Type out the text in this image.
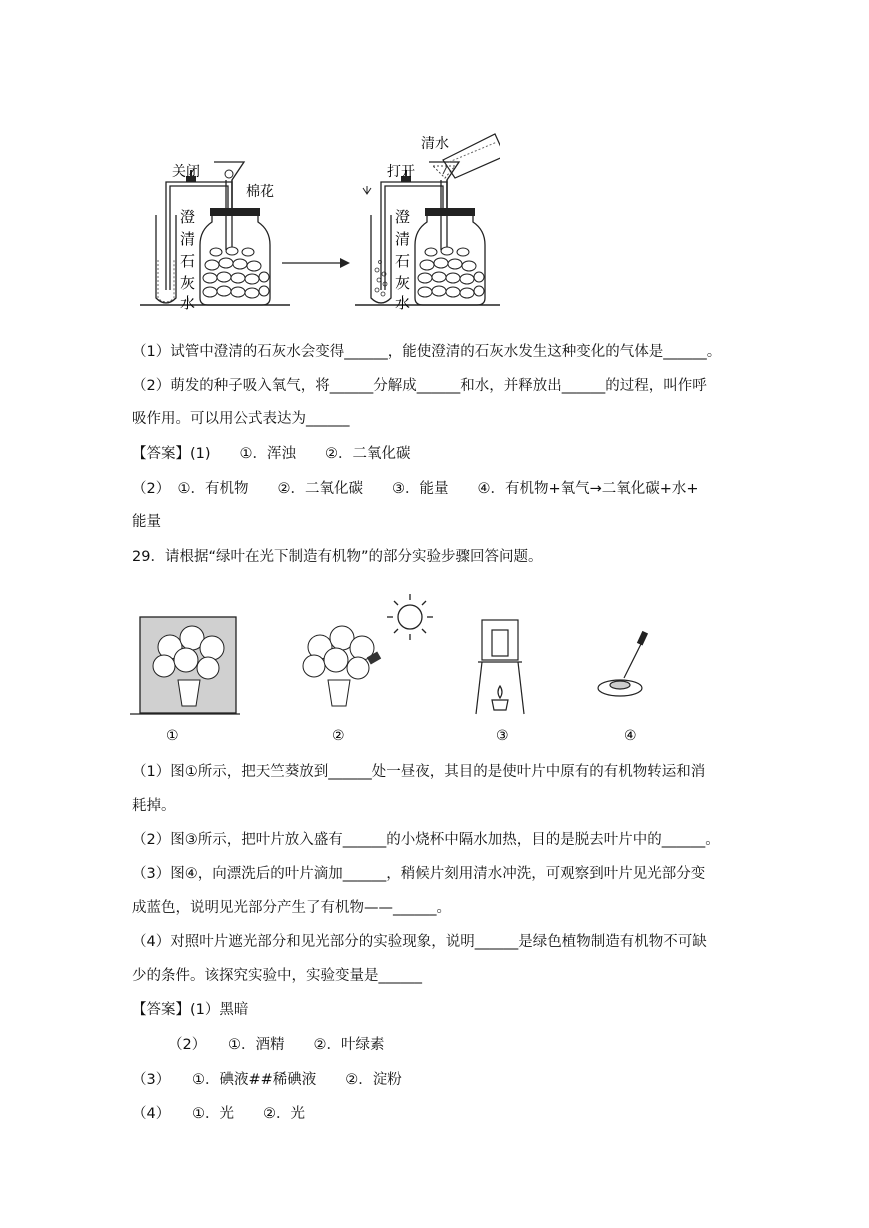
关闭
棉花
澄
清
石
灰
水
清水
打开
澄
清
石
灰
水
（1）试管中澄清的石灰水会变得______，能使澄清的石灰水发生这种变化的气体是______。
（2）萌发的种子吸入氧气，将______分解成______和水，并释放出______的过程，叫作呼
吸作用。可以用公式表达为______
【答案】(1)　　①．浑浊　　②．二氧化碳
（2）　①．有机物　　②．二氧化碳　　③．能量　　④．有机物+氧气→二氧化碳+水+
能量
29．请根据“绿叶在光下制造有机物”的部分实验步骤回答问题。
①	②	③	④
（1）图①所示，把天竺葵放到______处一昼夜，其目的是使叶片中原有的有机物转运和消
耗掉。
（2）图③所示，把叶片放入盛有______的小烧杯中隔水加热，目的是脱去叶片中的______。
（3）图④，向漂洗后的叶片滴加______，稍候片刻用清水冲洗，可观察到叶片见光部分变
成蓝色，说明见光部分产生了有机物——______。
（4）对照叶片遮光部分和见光部分的实验现象，说明______是绿色植物制造有机物不可缺
少的条件。该探究实验中，实验变量是______
【答案】(1）黑暗
（2）　　①．酒精　　②．叶绿素
（3）　　①．碘液##稀碘液　　②．淀粉
（4）　　①．光　　②．光
